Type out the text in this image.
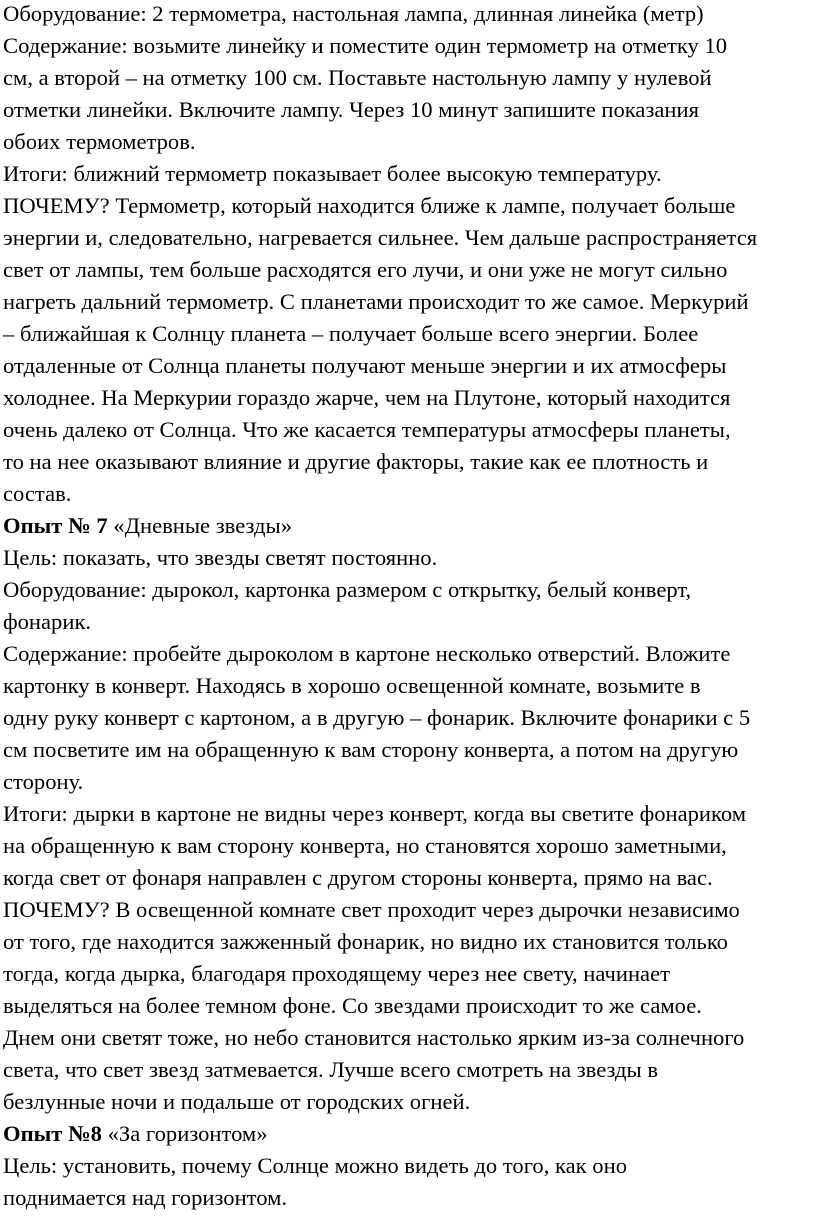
Оборудование: 2 термометра, настольная лампа, длинная линейка (метр)
Содержание: возьмите линейку и поместите один термометр на отметку 10
см, а второй – на отметку 100 см. Поставьте настольную лампу у нулевой
отметки линейки. Включите лампу. Через 10 минут запишите показания
обоих термометров.
Итоги: ближний термометр показывает более высокую температуру.
ПОЧЕМУ? Термометр, который находится ближе к лампе, получает больше
энергии и, следовательно, нагревается сильнее. Чем дальше распространяется
свет от лампы, тем больше расходятся его лучи, и они уже не могут сильно
нагреть дальний термометр. С планетами происходит то же самое. Меркурий
– ближайшая к Солнцу планета – получает больше всего энергии. Более
отдаленные от Солнца планеты получают меньше энергии и их атмосферы
холоднее. На Меркурии гораздо жарче, чем на Плутоне, который находится
очень далеко от Солнца. Что же касается температуры атмосферы планеты,
то на нее оказывают влияние и другие факторы, такие как ее плотность и
состав.
Опыт № 7 «Дневные звезды»
Цель: показать, что звезды светят постоянно.
Оборудование: дырокол, картонка размером с открытку, белый конверт,
фонарик.
Содержание: пробейте дыроколом в картоне несколько отверстий. Вложите
картонку в конверт. Находясь в хорошо освещенной комнате, возьмите в
одну руку конверт с картоном, а в другую – фонарик. Включите фонарики с 5
см посветите им на обращенную к вам сторону конверта, а потом на другую
сторону.
Итоги: дырки в картоне не видны через конверт, когда вы светите фонариком
на обращенную к вам сторону конверта, но становятся хорошо заметными,
когда свет от фонаря направлен с другом стороны конверта, прямо на вас.
ПОЧЕМУ? В освещенной комнате свет проходит через дырочки независимо
от того, где находится зажженный фонарик, но видно их становится только
тогда, когда дырка, благодаря проходящему через нее свету, начинает
выделяться на более темном фоне. Со звездами происходит то же самое.
Днем они светят тоже, но небо становится настолько ярким из-за солнечного
света, что свет звезд затмевается. Лучше всего смотреть на звезды в
безлунные ночи и подальше от городских огней.
Опыт №8 «За горизонтом»
Цель: установить, почему Солнце можно видеть до того, как оно
поднимается над горизонтом.
